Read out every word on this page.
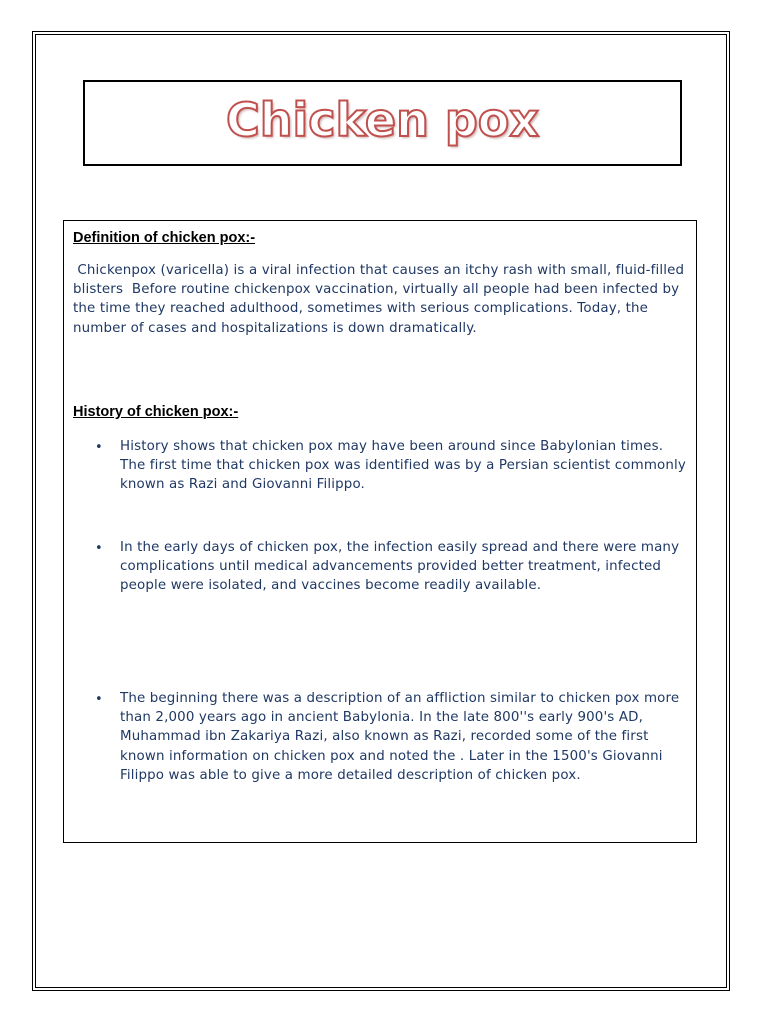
Chicken pox
Definition of chicken pox:-
Chickenpox (varicella) is a viral infection that causes an itchy rash with small, fluid-filled blisters  Before routine chickenpox vaccination, virtually all people had been infected by the time they reached adulthood, sometimes with serious complications. Today, the number of cases and hospitalizations is down dramatically.
History of chicken pox:-
• History shows that chicken pox may have been around since Babylonian times. The first time that chicken pox was identified was by a Persian scientist commonly known as Razi and Giovanni Filippo.
• In the early days of chicken pox, the infection easily spread and there were many complications until medical advancements provided better treatment, infected people were isolated, and vaccines become readily available.
• The beginning there was a description of an affliction similar to chicken pox more than 2,000 years ago in ancient Babylonia. In the late 800''s early 900's AD, Muhammad ibn Zakariya Razi, also known as Razi, recorded some of the first known information on chicken pox and noted the . Later in the 1500's Giovanni Filippo was able to give a more detailed description of chicken pox.
